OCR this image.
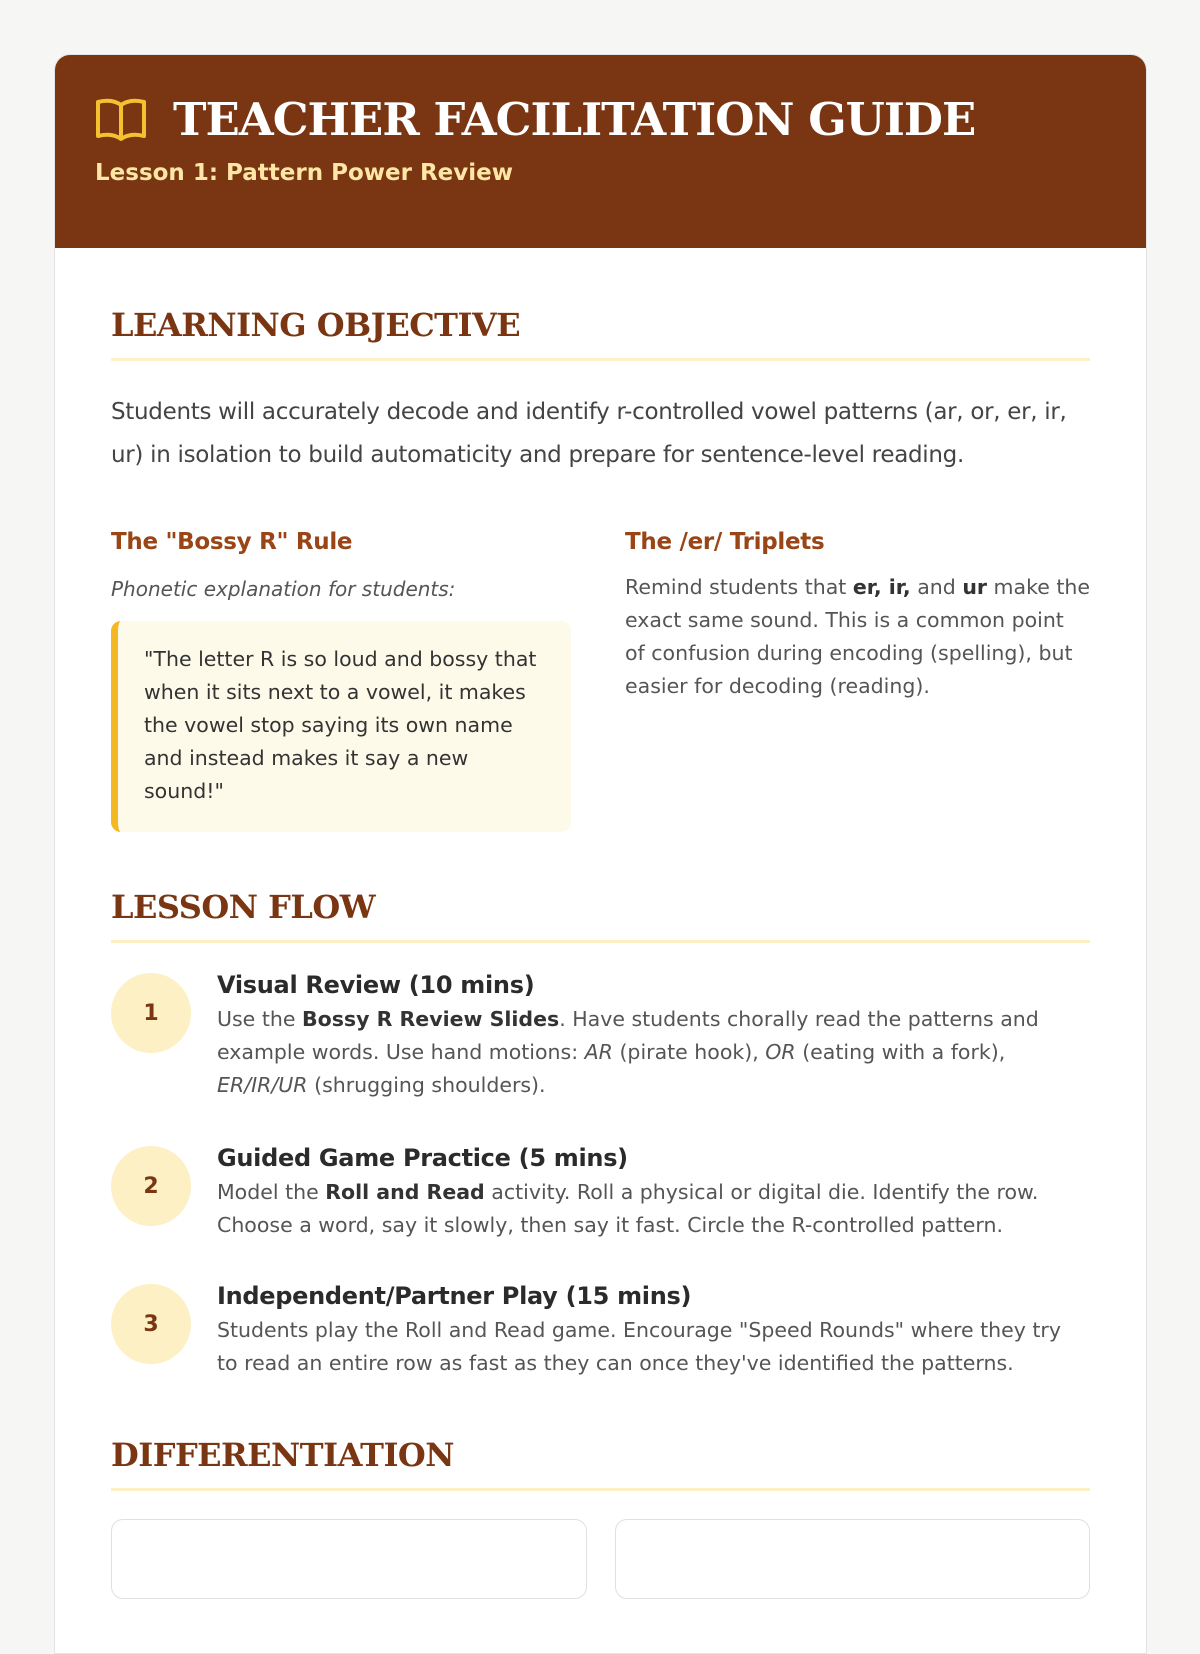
TEACHER FACILITATION GUIDE
Lesson 1: Pattern Power Review
LEARNING OBJECTIVE

Students will accurately decode and identify r-controlled vowel patterns (ar, or, er, ir, ur) in isolation to build automaticity and prepare for sentence-level reading.

The "Bossy R" Rule

Phonetic explanation for students:

"The letter R is so loud and bossy that when it sits next to a vowel, it makes the vowel stop saying its own name and instead makes it say a new sound!"
The /er/ Triplets

Remind students that er, ir, and ur make the exact same sound. This is a common point of confusion during encoding (spelling), but easier for decoding (reading).

LESSON FLOW
1
Visual Review (10 mins)

Use the Bossy R Review Slides. Have students chorally read the patterns and example words. Use hand motions: AR (pirate hook), OR (eating with a fork), ER/IR/UR (shrugging shoulders).

2
Guided Game Practice (5 mins)

Model the Roll and Read activity. Roll a physical or digital die. Identify the row. Choose a word, say it slowly, then say it fast. Circle the R-controlled pattern.

3
Independent/Partner Play (15 mins)

Students play the Roll and Read game. Encourage "Speed Rounds" where they try to read an entire row as fast as they can once they've identified the patterns.

DIFFERENTIATION
